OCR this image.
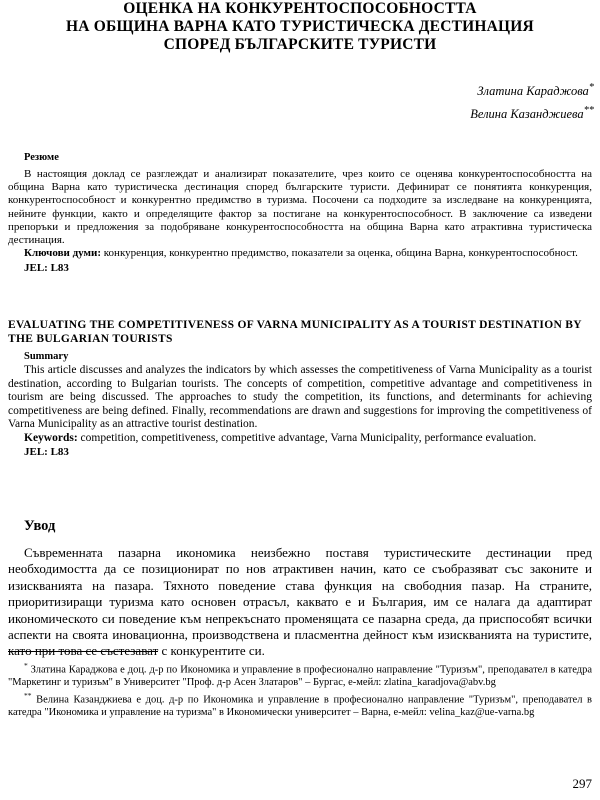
ОЦЕНКА НА КОНКУРЕНТОСПОСОБНОСТТА
НА ОБЩИНА ВАРНА КАТО ТУРИСТИЧЕСКА ДЕСТИНАЦИЯ
СПОРЕД БЪЛГАРСКИТЕ ТУРИСТИ
Златина Караджова*
Велина Казанджиева**
Резюме

В настоящия доклад се разглеждат и анализират показателите, чрез които се оценява конкурентоспособността на община Варна като туристическа дестинация според българските туристи. Дефинират се понятията конкуренция, конкурентоспособност и конкурентно предимство в туризма. Посочени са подходите за изследване на конкуренцията, нейните функции, както и определящите фактор за постигане на конкурентоспособност. В заключение са изведени препоръки и предложения за подобряване конкурентоспособността на община Варна като атрактивна туристическа дестинация.

Ключови думи: конкуренция, конкурентно предимство, показатели за оценка, община Варна, конкурентоспособност.

JEL: L83
EVALUATING THE COMPETITIVENESS OF VARNA MUNICIPALITY AS A TOURIST DESTINATION BY THE BULGARIAN TOURISTS
Summary

This article discusses and analyzes the indicators by which assesses the competitiveness of Varna Municipality as a tourist destination, according to Bulgarian tourists. The concepts of competition, competitive advantage and competitiveness in tourism are being discussed. The approaches to study the competition, its functions, and determinants for achieving competitiveness are being defined. Finally, recommendations are drawn and suggestions for improving the competitiveness of Varna Municipality as an attractive tourist destination.

Keywords: competition, competitiveness, competitive advantage, Varna Municipality, performance evaluation.

JEL: L83
Увод

Съвременната пазарна икономика неизбежно поставя туристическите дестинации пред необходимостта да се позиционират по нов атрактивен начин, като се съобразяват със законите и изискванията на пазара. Тяхното поведение става функция на свободния пазар. На страните, приоритизиращи туризма като основен отрасъл, каквато е и България, им се налага да адаптират икономическото си поведение към непрекъснато променящата се пазарна среда, да приспособят всички аспекти на своята иновационна, производствена и пласментна дейност към изискванията на туристите, като при това се състезават с конкурентите си.

* Златина Караджова е доц. д-р по Икономика и управление в професионално направление "Туризъм", преподавател в катедра "Маркетинг и туризъм" в Университет "Проф. д-р Асен Златаров" – Бургас, е-мейл: zlatina_karadjova@abv.bg

** Велина Казанджиева е доц. д-р по Икономика и управление в професионално направление "Туризъм", преподавател в катедра "Икономика и управление на туризма" в Икономически университет – Варна, е-мейл: velina_kaz@ue-varna.bg

297
